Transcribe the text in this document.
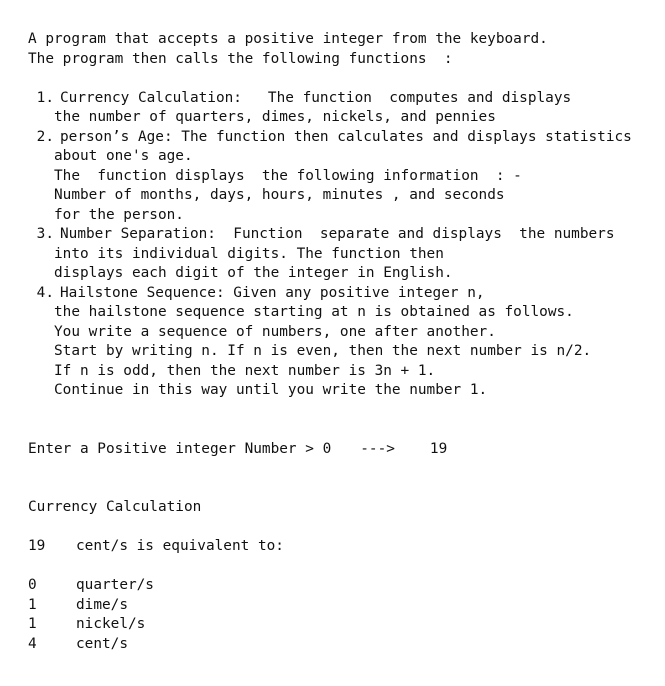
A program that accepts a positive integer from the keyboard.
The program then calls the following functions  :
1. Currency Calculation:   The function  computes and displays
the number of quarters, dimes, nickels, and pennies
2. person’s Age: The function then calculates and displays statistics
about one's age.
The  function displays  the following information  : -
Number of months, days, hours, minutes , and seconds
for the person.
3. Number Separation:  Function  separate and displays  the numbers
into its individual digits. The function then
displays each digit of the integer in English.
4. Hailstone Sequence: Given any positive integer n,
the hailstone sequence starting at n is obtained as follows.
You write a sequence of numbers, one after another.
Start by writing n. If n is even, then the next number is n/2.
If n is odd, then the next number is 3n + 1.
Continue in this way until you write the number 1.
Enter a Positive integer Number > 0 ---> 19
Currency Calculation
19	cent/s is equivalent to:
0	quarter/s
1	dime/s
1	nickel/s
4	cent/s
